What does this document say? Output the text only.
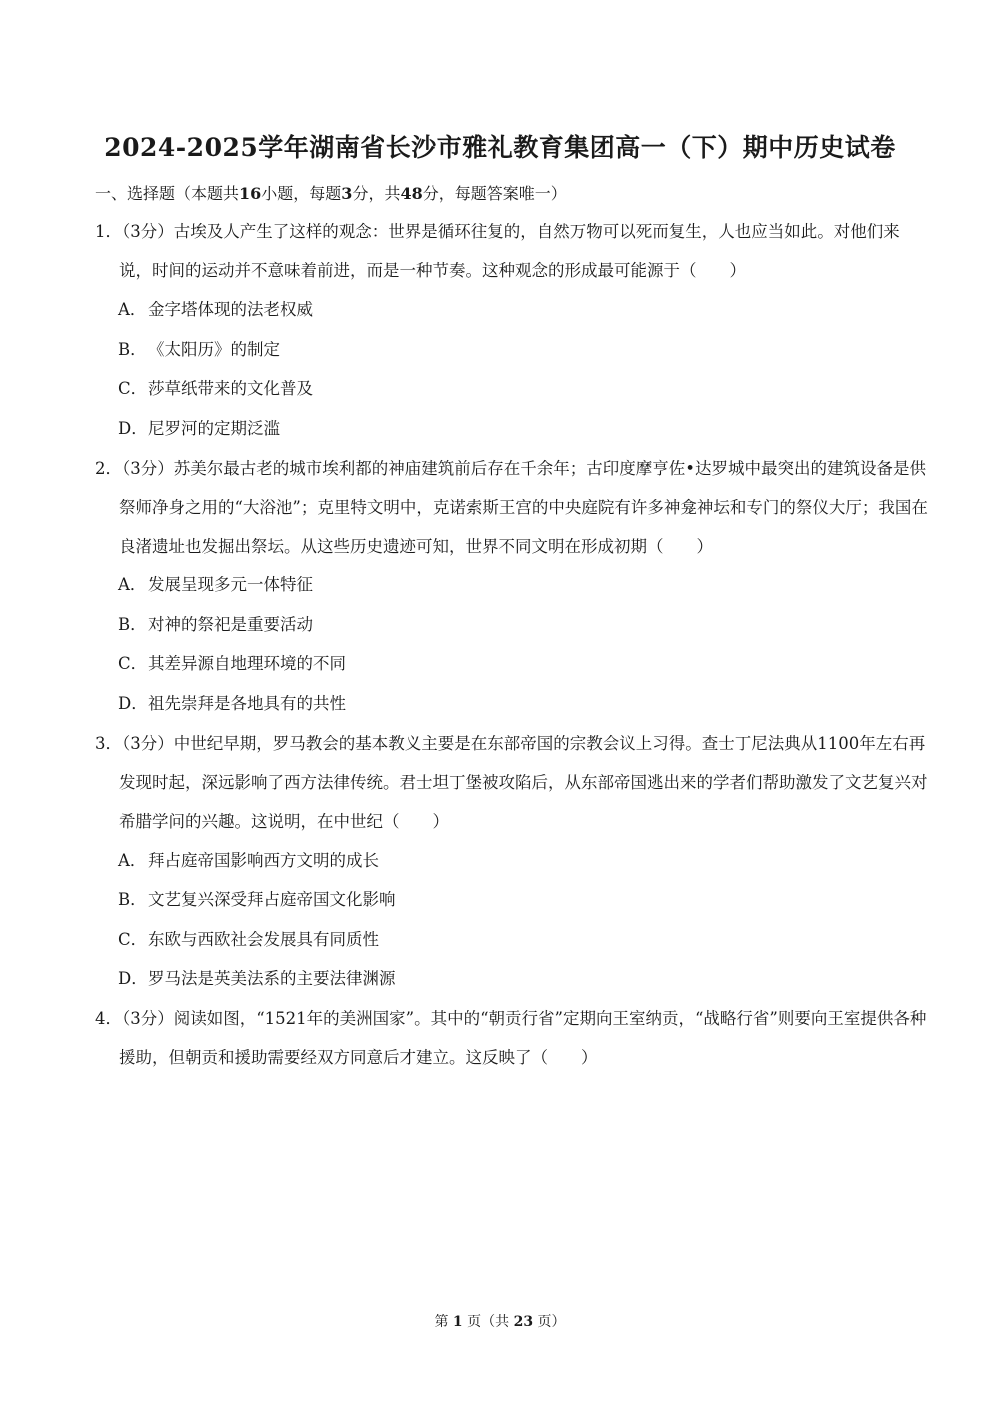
2024-2025学年湖南省长沙市雅礼教育集团高一（下）期中历史试卷
一、选择题（本题共16小题，每题3分，共48分，每题答案唯一）
1．（3分）古埃及人产生了这样的观念：世界是循环往复的，自然万物可以死而复生，人也应当如此。对他们来说，时间的运动并不意味着前进，而是一种节奏。这种观念的形成最可能源于（　　）
A．金字塔体现的法老权威
B．《太阳历》的制定
C．莎草纸带来的文化普及
D．尼罗河的定期泛滥
2．（3分）苏美尔最古老的城市埃利都的神庙建筑前后存在千余年；古印度摩亨佐•达罗城中最突出的建筑设备是供祭师净身之用的“大浴池”；克里特文明中，克诺索斯王宫的中央庭院有许多神龛神坛和专门的祭仪大厅；我国在良渚遗址也发掘出祭坛。从这些历史遗迹可知，世界不同文明在形成初期（　　）
A．发展呈现多元一体特征
B．对神的祭祀是重要活动
C．其差异源自地理环境的不同
D．祖先崇拜是各地具有的共性
3．（3分）中世纪早期，罗马教会的基本教义主要是在东部帝国的宗教会议上习得。查士丁尼法典从1100年左右再发现时起，深远影响了西方法律传统。君士坦丁堡被攻陷后，从东部帝国逃出来的学者们帮助激发了文艺复兴对希腊学问的兴趣。这说明，在中世纪（　　）
A．拜占庭帝国影响西方文明的成长
B．文艺复兴深受拜占庭帝国文化影响
C．东欧与西欧社会发展具有同质性
D．罗马法是英美法系的主要法律渊源
4．（3分）阅读如图，“1521年的美洲国家”。其中的“朝贡行省”定期向王室纳贡，“战略行省”则要向王室提供各种援助，但朝贡和援助需要经双方同意后才建立。这反映了（　　）
第 1 页（共 23 页）
